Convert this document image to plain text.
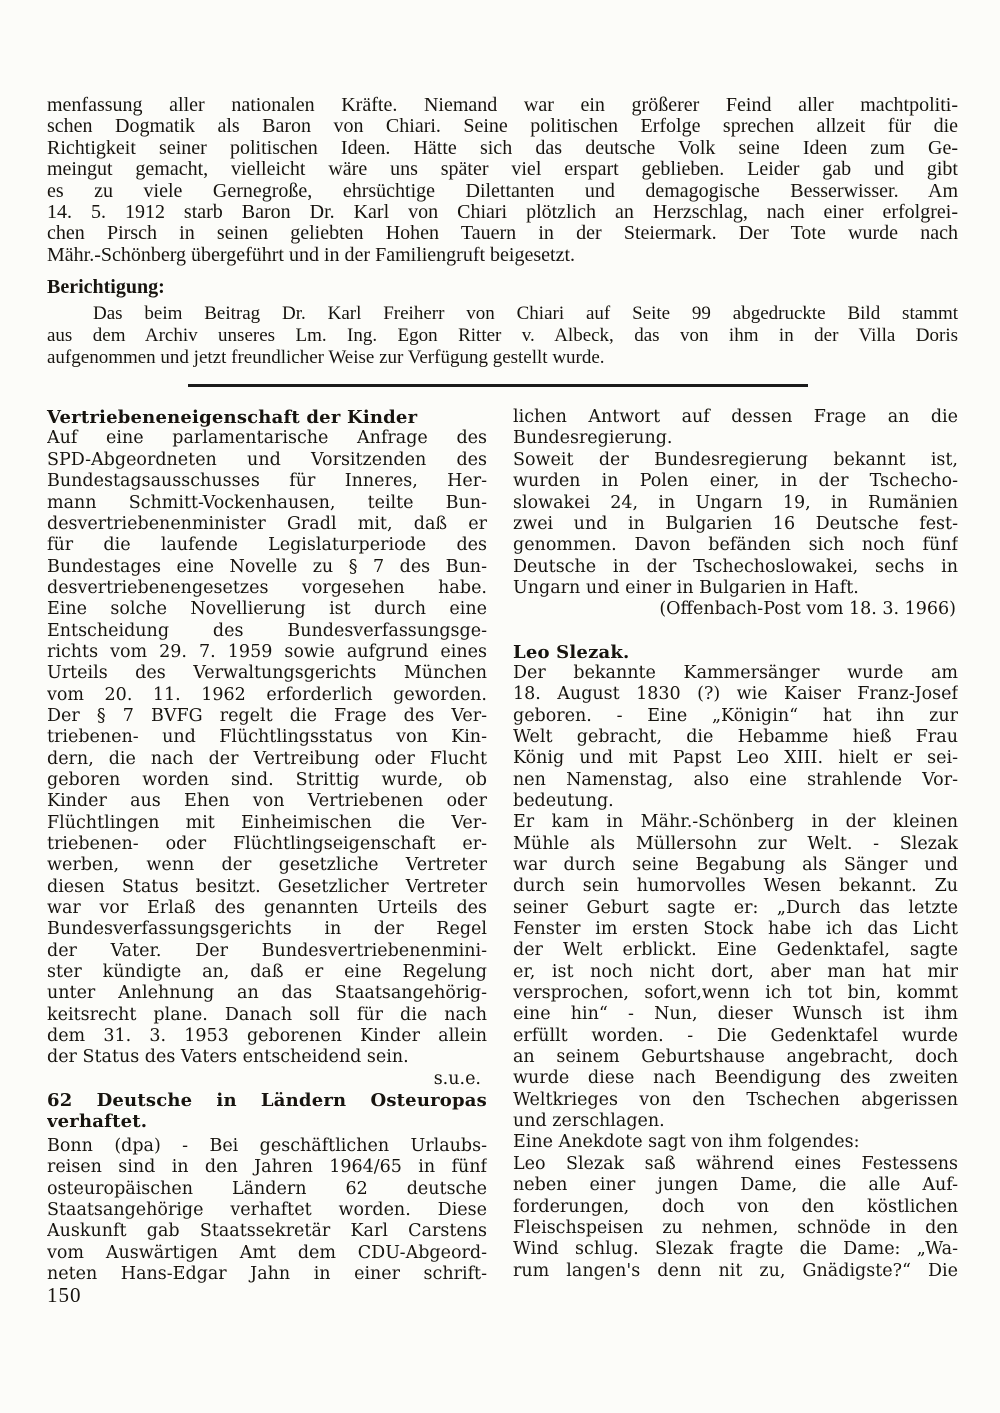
menfassung aller nationalen Kräfte. Niemand war ein größerer Feind aller machtpoliti-
schen Dogmatik als Baron von Chiari. Seine politischen Erfolge sprechen allzeit für die
Richtigkeit seiner politischen Ideen. Hätte sich das deutsche Volk seine Ideen zum Ge-
meingut gemacht, vielleicht wäre uns später viel erspart geblieben. Leider gab und gibt
es zu viele Gernegroße, ehrsüchtige Dilettanten und demagogische Besserwisser. Am
14. 5. 1912 starb Baron Dr. Karl von Chiari plötzlich an Herzschlag, nach einer erfolgrei-
chen Pirsch in seinen geliebten Hohen Tauern in der Steiermark. Der Tote wurde nach
Mähr.-Schönberg übergeführt und in der Familiengruft beigesetzt.
Berichtigung:
Das beim Beitrag Dr. Karl Freiherr von Chiari auf Seite 99 abgedruckte Bild stammt
aus dem Archiv unseres Lm. Ing. Egon Ritter v. Albeck, das von ihm in der Villa Doris
aufgenommen und jetzt freundlicher Weise zur Verfügung gestellt wurde.
Vertriebeneneigenschaft der Kinder
Auf eine parlamentarische Anfrage des
SPD-Abgeordneten und Vorsitzenden des
Bundestagsausschusses für Inneres, Her-
mann Schmitt-Vockenhausen, teilte Bun-
desvertriebenenminister Gradl mit, daß er
für die laufende Legislaturperiode des
Bundestages eine Novelle zu § 7 des Bun-
desvertriebenengesetzes vorgesehen habe.
Eine solche Novellierung ist durch eine
Entscheidung des Bundesverfassungsge-
richts vom 29. 7. 1959 sowie aufgrund eines
Urteils des Verwaltungsgerichts München
vom 20. 11. 1962 erforderlich geworden.
Der § 7 BVFG regelt die Frage des Ver-
triebenen- und Flüchtlingsstatus von Kin-
dern, die nach der Vertreibung oder Flucht
geboren worden sind. Strittig wurde, ob
Kinder aus Ehen von Vertriebenen oder
Flüchtlingen mit Einheimischen die Ver-
triebenen- oder Flüchtlingseigenschaft er-
werben, wenn der gesetzliche Vertreter
diesen Status besitzt. Gesetzlicher Vertreter
war vor Erlaß des genannten Urteils des
Bundesverfassungsgerichts in der Regel
der Vater. Der Bundesvertriebenenmini-
ster kündigte an, daß er eine Regelung
unter Anlehnung an das Staatsangehörig-
keitsrecht plane. Danach soll für die nach
dem 31. 3. 1953 geborenen Kinder allein
der Status des Vaters entscheidend sein.
s.u.e.
62 Deutsche in Ländern Osteuropas
verhaftet.
Bonn (dpa) - Bei geschäftlichen Urlaubs-
reisen sind in den Jahren 1964/65 in fünf
osteuropäischen Ländern 62 deutsche
Staatsangehörige verhaftet worden. Diese
Auskunft gab Staatssekretär Karl Carstens
vom Auswärtigen Amt dem CDU-Abgeord-
neten Hans-Edgar Jahn in einer schrift-
lichen Antwort auf dessen Frage an die
Bundesregierung.
Soweit der Bundesregierung bekannt ist,
wurden in Polen einer, in der Tschecho-
slowakei 24, in Ungarn 19, in Rumänien
zwei und in Bulgarien 16 Deutsche fest-
genommen. Davon befänden sich noch fünf
Deutsche in der Tschechoslowakei, sechs in
Ungarn und einer in Bulgarien in Haft.
(Offenbach-Post vom 18. 3. 1966)
Leo Slezak.
Der bekannte Kammersänger wurde am
18. August 1830 (?) wie Kaiser Franz-Josef
geboren. - Eine „Königin“ hat ihn zur
Welt gebracht, die Hebamme hieß Frau
König und mit Papst Leo XIII. hielt er sei-
nen Namenstag, also eine strahlende Vor-
bedeutung.
Er kam in Mähr.-Schönberg in der kleinen
Mühle als Müllersohn zur Welt. - Slezak
war durch seine Begabung als Sänger und
durch sein humorvolles Wesen bekannt. Zu
seiner Geburt sagte er: „Durch das letzte
Fenster im ersten Stock habe ich das Licht
der Welt erblickt. Eine Gedenktafel, sagte
er, ist noch nicht dort, aber man hat mir
versprochen, sofort,wenn ich tot bin, kommt
eine hin“ - Nun, dieser Wunsch ist ihm
erfüllt worden. - Die Gedenktafel wurde
an seinem Geburtshause angebracht, doch
wurde diese nach Beendigung des zweiten
Weltkrieges von den Tschechen abgerissen
und zerschlagen.
Eine Anekdote sagt von ihm folgendes:
Leo Slezak saß während eines Festessens
neben einer jungen Dame, die alle Auf-
forderungen, doch von den köstlichen
Fleischspeisen zu nehmen, schnöde in den
Wind schlug. Slezak fragte die Dame: „Wa-
rum langen's denn nit zu, Gnädigste?“ Die
150
